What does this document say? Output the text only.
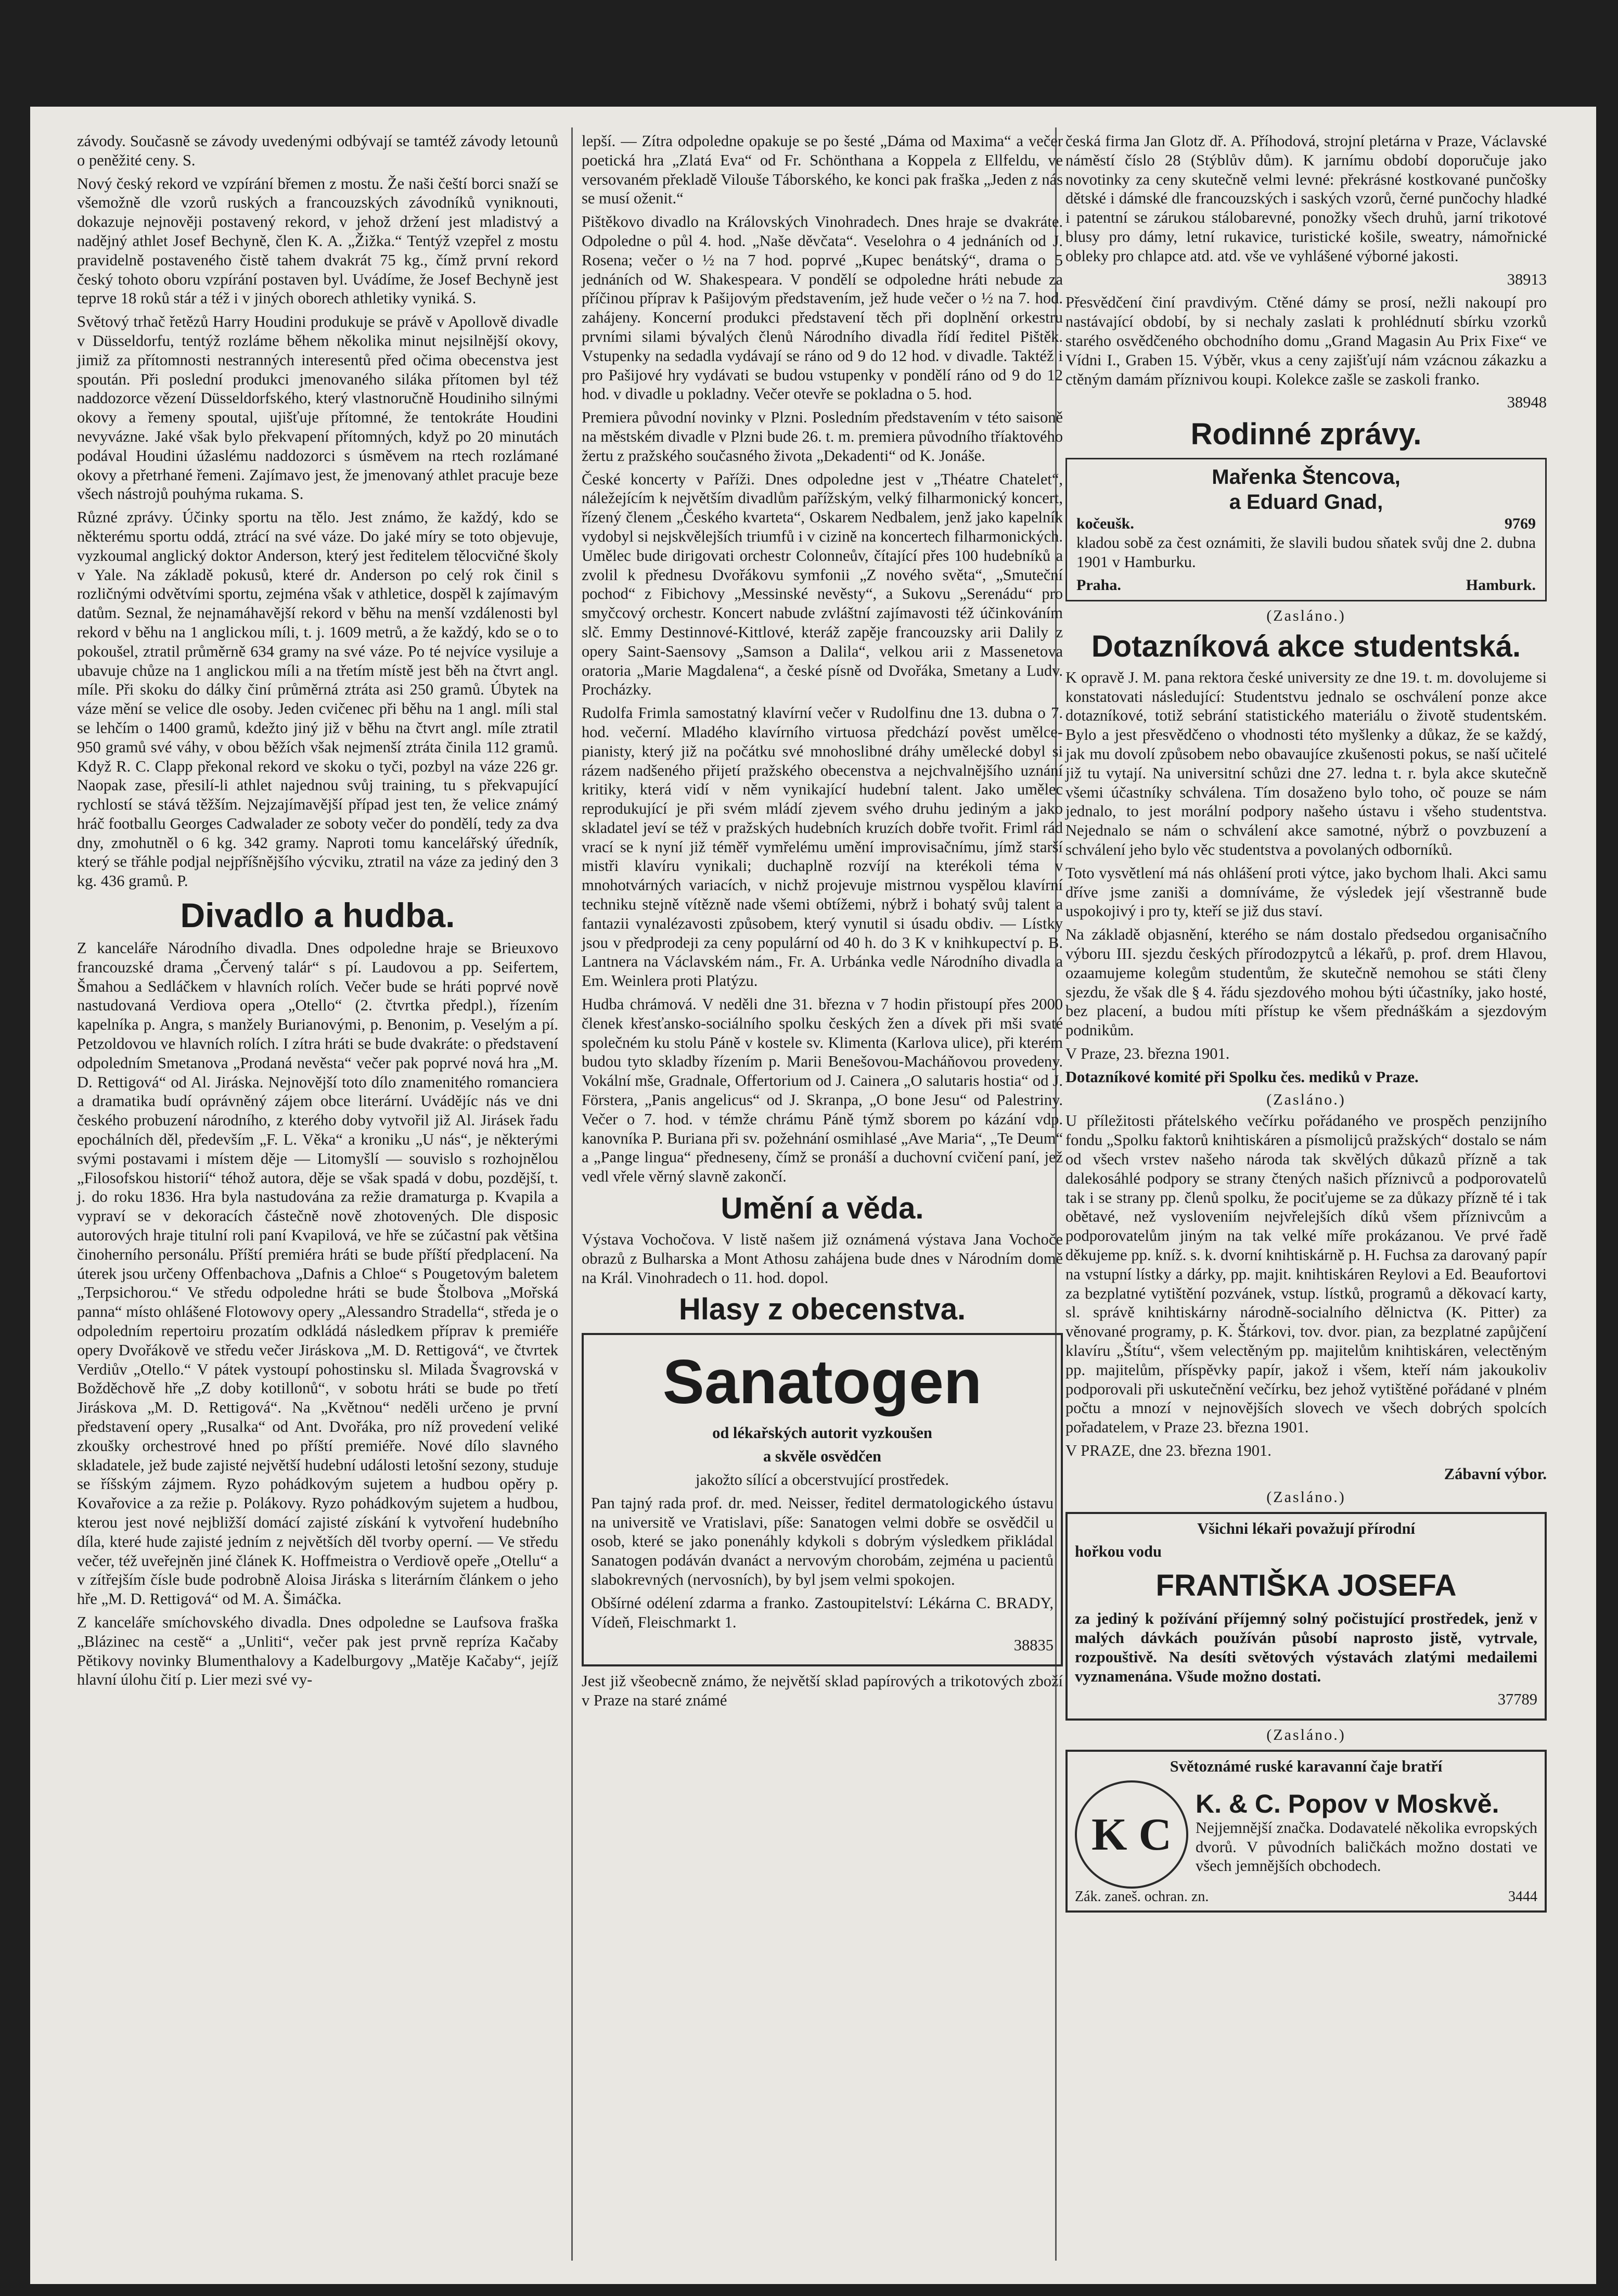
závody. Současně se závody uvedenými odbývají se tamtéž závody letounů o peněžité ceny. S.

Nový český rekord ve vzpírání břemen z mostu. Že naši čeští borci snaží se všemožně dle vzorů ruských a francouzských závodníků vyniknouti, dokazuje nejnověji postavený rekord, v jehož držení jest mladistvý a nadějný athlet Josef Bechyně, člen K. A. „Žižka.“ Tentýž vzepřel z mostu pravidelně postaveného čistě tahem dvakrát 75 kg., čímž první rekord český tohoto oboru vzpírání postaven byl. Uvádíme, že Josef Bechyně jest teprve 18 roků stár a též i v jiných oborech athletiky vyniká. S.

Světový trhač řetězů Harry Houdini produkuje se právě v Apollově divadle v Düsseldorfu, tentýž rozláme během několika minut nejsilnější okovy, jimiž za přítomnosti nestranných interesentů před očima obecenstva jest spoután. Při poslední produkci jmenovaného siláka přítomen byl též naddozorce vězení Düsseldorfského, který vlastnoručně Houdiniho silnými okovy a řemeny spoutal, ujišťuje přítomné, že tentokráte Houdini nevyvázne. Jaké však bylo překvapení přítomných, když po 20 minutách podával Houdini úžaslému naddozorci s úsměvem na rtech rozlámané okovy a přetrhané řemeni. Zajímavo jest, že jmenovaný athlet pracuje beze všech nástrojů pouhýma rukama. S.

Různé zprávy. Účinky sportu na tělo. Jest známo, že každý, kdo se některému sportu oddá, ztrácí na své váze. Do jaké míry se toto objevuje, vyzkoumal anglický doktor Anderson, který jest ředitelem tělocvičné školy v Yale. Na základě pokusů, které dr. Anderson po celý rok činil s rozličnými odvětvími sportu, zejména však v athletice, dospěl k zajímavým datům. Seznal, že nejnamáhavější rekord v běhu na menší vzdálenosti byl rekord v běhu na 1 anglickou míli, t. j. 1609 metrů, a že každý, kdo se o to pokoušel, ztratil průměrně 634 gramy na své váze. Po té nejvíce vysiluje a ubavuje chůze na 1 anglickou míli a na třetím místě jest běh na čtvrt angl. míle. Při skoku do dálky činí průměrná ztráta asi 250 gramů. Úbytek na váze mění se velice dle osoby. Jeden cvičenec při běhu na 1 angl. míli stal se lehčím o 1400 gramů, kdežto jiný již v běhu na čtvrt angl. míle ztratil 950 gramů své váhy, v obou běžích však nejmenší ztráta činila 112 gramů. Když R. C. Clapp překonal rekord ve skoku o tyči, pozbyl na váze 226 gr. Naopak zase, přesilí-li athlet najednou svůj training, tu s překvapující rychlostí se stává těžším. Nejzajímavější případ jest ten, že velice známý hráč footballu Georges Cadwalader ze soboty večer do pondělí, tedy za dva dny, zmohutněl o 6 kg. 342 gramy. Naproti tomu kancelářský úředník, který se třáhle podjal nejpříšnějšího výcviku, ztratil na váze za jediný den 3 kg. 436 gramů. P.

Divadlo a hudba.

Z kanceláře Národního divadla. Dnes odpoledne hraje se Brieuxovo francouzské drama „Červený talár“ s pí. Laudovou a pp. Seifertem, Šmahou a Sedláčkem v hlavních rolích. Večer bude se hráti poprvé nově nastudovaná Verdiova opera „Otello“ (2. čtvrtka předpl.), řízením kapelníka p. Angra, s manžely Burianovými, p. Benonim, p. Veselým a pí. Petzoldovou ve hlavních rolích. I zítra hráti se bude dvakráte: o představení odpoledním Smetanova „Prodaná nevěsta“ večer pak poprvé nová hra „M. D. Rettigová“ od Al. Jiráska. Nejnovější toto dílo znamenitého romanciera a dramatika budí oprávněný zájem obce literární. Uvádějíc nás ve dni českého probuzení národního, z kterého doby vytvořil již Al. Jirásek řadu epochálních děl, především „F. L. Věka“ a kroniku „U nás“, je některými svými postavami i místem děje — Litomyšlí — souvislo s rozhojnělou „Filosofskou historií“ téhož autora, děje se však spadá v dobu, pozdější, t. j. do roku 1836. Hra byla nastudována za režie dramaturga p. Kvapila a vypraví se v dekoracích částečně nově zhotovených. Dle disposic autorových hraje titulní roli paní Kvapilová, ve hře se zúčastní pak většina činoherního personálu. Příští premiéra hráti se bude příští předplacení. Na úterek jsou určeny Offenbachova „Dafnis a Chloe“ s Pougetovým baletem „Terpsichorou.“ Ve středu odpoledne hráti se bude Štolbova „Mořská panna“ místo ohlášené Flotowovy opery „Alessandro Stradella“, středa je o odpoledním repertoiru prozatím odkládá následkem příprav k premiéře opery Dvořákově ve středu večer Jiráskova „M. D. Rettigová“, ve čtvrtek Verdiův „Otello.“ V pátek vystoupí pohostinsku sl. Milada Švagrovská v Božděchově hře „Z doby kotillonů“, v sobotu hráti se bude po třetí Jiráskova „M. D. Rettigová“. Na „Květnou“ neděli určeno je první představení opery „Rusalka“ od Ant. Dvořáka, pro níž provedení veliké zkoušky orchestrové hned po příští premiéře. Nové dílo slavného skladatele, jež bude zajisté největší hudební události letošní sezony, studuje se říšským zájmem. Ryzo pohádkovým sujetem a hudbou opěry p. Kovařovice a za režie p. Polákovy. Ryzo pohádkovým sujetem a hudbou, kterou jest nové nejbližší domácí zajisté získání k vytvoření hudebního díla, které hude zajisté jedním z největších děl tvorby operní. — Ve středu večer, též uveřejněn jiné článek K. Hoffmeistra o Verdiově opeře „Otellu“ a v zítřejším čísle bude podrobně Aloisa Jiráska s literárním článkem o jeho hře „M. D. Rettigová“ od M. A. Šimáčka.

Z kanceláře smíchovského divadla. Dnes odpoledne se Laufsova fraška „Blázinec na cestě“ a „Unliti“, večer pak jest prvně repríza Kačaby Pětikovy novinky Blumenthalovy a Kadelburgovy „Matěje Kačaby“, jejíž hlavní úlohu čití p. Lier mezi své vy-

lepší. — Zítra odpoledne opakuje se po šesté „Dáma od Maxima“ a večer poetická hra „Zlatá Eva“ od Fr. Schönthana a Koppela z Ellfeldu, ve versovaném překladě Vilouše Táborského, ke konci pak fraška „Jeden z nás se musí oženit.“

Pištěkovo divadlo na Královských Vinohradech. Dnes hraje se dvakráte. Odpoledne o půl 4. hod. „Naše děvčata“. Veselohra o 4 jednáních od J. Rosena; večer o ½ na 7 hod. poprvé „Kupec benátský“, drama o 5 jednáních od W. Shakespeara. V pondělí se odpoledne hráti nebude za příčinou příprav k Pašijovým představením, jež hude večer o ½ na 7. hod. zahájeny. Koncerní produkci představení těch při doplnění orkestru prvními silami bývalých členů Národního divadla řídí ředitel Pištěk. Vstupenky na sedadla vydávají se ráno od 9 do 12 hod. v divadle. Taktéž i pro Pašijové hry vydávati se budou vstupenky v pondělí ráno od 9 do 12 hod. v divadle u pokladny. Večer otevře se pokladna o 5. hod.

Premiera původní novinky v Plzni. Posledním představením v této saisoně na městském divadle v Plzni bude 26. t. m. premiera původního tříaktového žertu z pražského současného života „Dekadenti“ od K. Jonáše.

České koncerty v Paříži. Dnes odpoledne jest v „Théatre Chatelet“, náležejícím k největším divadlům pařížským, velký filharmonický koncert, řízený členem „Českého kvarteta“, Oskarem Nedbalem, jenž jako kapelník vydobyl si nejskvělejších triumfů i v cizině na koncertech filharmonických. Umělec bude dirigovati orchestr Colonneův, čítající přes 100 hudebníků a zvolil k přednesu Dvořákovu symfonii „Z nového světa“, „Smuteční pochod“ z Fibichovy „Messinské nevěsty“, a Sukovu „Serenádu“ pro smyčcový orchestr. Koncert nabude zvláštní zajímavosti též účinkováním slč. Emmy Destinnové-Kittlové, kteráž zapěje francouzsky arii Dalily z opery Saint-Saensovy „Samson a Dalila“, velkou arii z Massenetova oratoria „Marie Magdalena“, a české písně od Dvořáka, Smetany a Ludv. Procházky.

Rudolfa Frimla samostatný klavírní večer v Rudolfinu dne 13. dubna o 7. hod. večerní. Mladého klavírního virtuosa předchází pověst umělce-pianisty, který již na počátku své mnohoslibné dráhy umělecké dobyl si rázem nadšeného přijetí pražského obecenstva a nejchvalnějšího uznání kritiky, která vidí v něm vynikající hudební talent. Jako umělec reprodukující je při svém mládí zjevem svého druhu jediným a jako skladatel jeví se též v pražských hudebních kruzích dobře tvořit. Friml rád vrací se k nyní již téměř vymřelému umění improvisačnímu, jímž starší mistři klavíru vynikali; duchaplně rozvíjí na kterékoli téma v mnohotvárných variacích, v nichž projevuje mistrnou vyspělou klavírní techniku stejně vítězně nade všemi obtížemi, nýbrž i bohatý svůj talent a fantazii vynalézavosti způsobem, který vynutil si úsadu obdiv. — Lístky jsou v předprodeji za ceny populární od 40 h. do 3 K v knihkupectví p. B. Lantnera na Václavském nám., Fr. A. Urbánka vedle Národního divadla a Em. Weinlera proti Platýzu.

Hudba chrámová. V neděli dne 31. března v 7 hodin přistoupí přes 2000 členek křesťansko-sociálního spolku českých žen a dívek při mši svaté společném ku stolu Páně v kostele sv. Klimenta (Karlova ulice), při kterém budou tyto skladby řízením p. Marii Benešovou-Macháňovou provedeny. Vokální mše, Gradnale, Offertorium od J. Cainera „O salutaris hostia“ od J. Förstera, „Panis angelicus“ od J. Skranpa, „O bone Jesu“ od Palestriny. Večer o 7. hod. v témže chrámu Páně týmž sborem po kázání vdp. kanovníka P. Buriana při sv. požehnání osmihlasé „Ave Maria“, „Te Deum“ a „Pange lingua“ předneseny, čímž se pronáší a duchovní cvičení paní, jež vedl vřele věrný slavně zakončí.

Umění a věda.

Výstava Vochočova. V listě našem již oznámená výstava Jana Vochoče obrazů z Bulharska a Mont Athosu zahájena bude dnes v Národním domě na Král. Vinohradech o 11. hod. dopol.

Hlasy z obecenstva.
Sanatogen

od lékařských autorit vyzkoušen

a skvěle osvědčen

jakožto sílící a obcerstvující prostředek.

Pan tajný rada prof. dr. med. Neisser, ředitel dermatologického ústavu na universitě ve Vratislavi, píše: Sanatogen velmi dobře se osvědčil u osob, které se jako ponenáhly kdykoli s dobrým výsledkem přikládal Sanatogen podáván dvanáct a nervovým chorobám, zejména u pacientů slabokrevných (nervosních), by byl jsem velmi spokojen.

Obšírné odélení zdarma a franko. Zastoupitelství: Lékárna C. BRADY, Vídeň, Fleischmarkt 1.

38835

Jest již všeobecně známo, že největší sklad papírových a trikotových zboží v Praze na staré známé

česká firma Jan Glotz dř. A. Příhodová, strojní pletárna v Praze, Václavské náměstí číslo 28 (Stýblův dům). K jarnímu období doporučuje jako novotinky za ceny skutečně velmi levné: překrásné kostkované punčošky dětské i dámské dle francouzských i saských vzorů, černé punčochy hladké i patentní se zárukou stálobarevné, ponožky všech druhů, jarní trikotové blusy pro dámy, letní rukavice, turistické košile, sweatry, námořnické obleky pro chlapce atd. atd. vše ve vyhlášené výborné jakosti.

38913

Přesvědčení činí pravdivým. Ctěné dámy se prosí, nežli nakoupí pro nastávající období, by si nechaly zaslati k prohlédnutí sbírku vzorků starého osvědčeného obchodního domu „Grand Magasin Au Prix Fixe“ ve Vídni I., Graben 15. Výběr, vkus a ceny zajišťují nám vzácnou zákazku a ctěným damám příznivou koupi. Kolekce zašle se zaskoli franko.

38948

Rodinné zprávy.
Mařenka Štencova,
a Eduard Gnad,
kočeušk.	9769

kladou sobě za čest oznámiti, že slavili budou sňatek svůj dne 2. dubna 1901 v Hamburku.

Praha.	Hamburk.
(Zasláno.)
Dotazníková akce studentská.

K opravě J. M. pana rektora české university ze dne 19. t. m. dovolujeme si konstatovati následující: Studentstvu jednalo se oschválení ponze akce dotazníkové, totiž sebrání statistického materiálu o životě studentském. Bylo a jest přesvědčeno o vhodnosti této myšlenky a důkaz, že se každý, jak mu dovolí způsobem nebo obavaujíce zkušenosti pokus, se naší učitelé již tu vytají. Na universitní schůzi dne 27. ledna t. r. byla akce skutečně všemi účastníky schválena. Tím dosaženo bylo toho, oč pouze se nám jednalo, to jest morální podpory našeho ústavu i všeho studentstva. Nejednalo se nám o schválení akce samotné, nýbrž o povzbuzení a schválení jeho bylo věc studentstva a povolaných odborníků.

Toto vysvětlení má nás ohlášení proti výtce, jako bychom lhali. Akci samu dříve jsme zaniši a domníváme, že výsledek její všestranně bude uspokojivý i pro ty, kteří se již dus staví.

Na základě objasnění, kterého se nám dostalo předsedou organisačního výboru III. sjezdu českých přírodozpytců a lékařů, p. prof. drem Hlavou, ozaamujeme kolegům studentům, že skutečně nemohou se státi členy sjezdu, že však dle § 4. řádu sjezdového mohou býti účastníky, jako hosté, bez placení, a budou míti přístup ke všem přednáškám a sjezdovým podnikům.

V Praze, 23. března 1901.

Dotazníkové komité při Spolku čes. mediků v Praze.

(Zasláno.)

U příležitosti přátelského večírku pořádaného ve prospěch penzijního fondu „Spolku faktorů knihtiskáren a písmolijců pražských“ dostalo se nám od všech vrstev našeho národa tak skvělých důkazů přízně a tak dalekosáhlé podpory se strany čtených našich příznivců a podporovatelů tak i se strany pp. členů spolku, že pociťujeme se za důkazy přízně té i tak obětavé, než vysloveniím nejvřelejších díků všem příznivcům a podporovatelům jiným na tak velké míře prokázanou. Ve prvé řadě děkujeme pp. kníž. s. k. dvorní knihtiskárně p. H. Fuchsa za darovaný papír na vstupní lístky a dárky, pp. majit. knihtiskáren Reylovi a Ed. Beaufortovi za bezplatné vytištění pozvánek, vstup. lístků, programů a děkovací karty, sl. správě knihtiskárny národně-socialního dělnictva (K. Pitter) za věnované programy, p. K. Štárkovi, tov. dvor. pian, za bezplatné zapůjčení klavíru „Štítu“, všem velectěným pp. majitelům knihtiskáren, velectěným pp. majitelům, příspěvky papír, jakož i všem, kteří nám jakoukoliv podporovali při uskutečnění večírku, bez jehož vytištěné pořádané v plném počtu a mnozí v nejnovějších slovech ve všech dobrých spolcích pořadatelem, v Praze 23. března 1901.

V PRAZE, dne 23. března 1901.

Zábavní výbor.

(Zasláno.)

Všichni lékaři považují přírodní

hořkou vodu

FRANTIŠKA JOSEFA

za jediný k požívání příjemný solný počistující prostředek, jenž v malých dávkách používán působí naprosto jistě, vytrvale, rozpouštivě. Na desíti světových výstavách zlatými medailemi vyznamenána. Všude možno dostati.

37789

(Zasláno.)

Světoznámé ruské karavanní čaje bratří

K C
K. & C. Popov v Moskvě.

Nejjemnější značka. Dodavatelé několika evropských dvorů. V původních baličkách možno dostati ve všech jemnějších obchodech.

Zák. zaneš. ochran. zn.	3444
